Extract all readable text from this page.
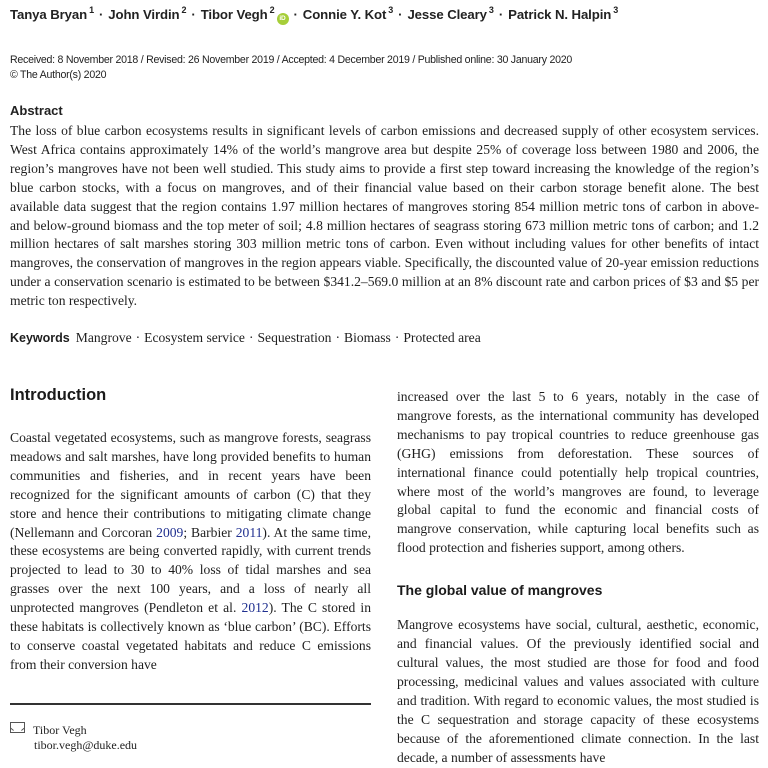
Tanya Bryan $^1$ · John Virdin $^2$ · Tibor Vegh $^2$iD · Connie Y. Kot $^3$ · Jesse Cleary $^3$ · Patrick N. Halpin $^3$
Received: 8 November 2018 / Revised: 26 November 2019 / Accepted: 4 December 2019 / Published online: 30 January 2020
© The Author(s) 2020
Abstract

The loss of blue carbon ecosystems results in significant levels of carbon emissions and decreased supply of other ecosystem services. West Africa contains approximately 14% of the world’s mangrove area but despite 25% of coverage loss between 1980 and 2006, the region’s mangroves have not been well studied. This study aims to provide a first step toward increasing the knowledge of the region’s blue carbon stocks, with a focus on mangroves, and of their financial value based on their carbon storage benefit alone. The best available data suggest that the region contains 1.97 million hectares of mangroves storing 854 million metric tons of carbon in above- and below-ground biomass and the top meter of soil; 4.8 million hectares of seagrass storing 673 million metric tons of carbon; and 1.2 million hectares of salt marshes storing 303 million metric tons of carbon. Even without including values for other benefits of intact mangroves, the conservation of mangroves in the region appears viable. Specifically, the discounted value of 20-year emission reductions under a conservation scenario is estimated to be between $341.2–569.0 million at an 8% discount rate and carbon prices of $3 and $5 per metric ton respectively.

Keywords Mangrove · Ecosystem service · Sequestration · Biomass · Protected area
Introduction

Coastal vegetated ecosystems, such as mangrove forests, seagrass meadows and salt marshes, have long provided benefits to human communities and fisheries, and in recent years have been recognized for the significant amounts of carbon (C) that they store and hence their contributions to mitigating climate change (Nellemann and Corcoran 2009; Barbier 2011). At the same time, these ecosystems are being converted rapidly, with current trends projected to lead to 30 to 40% loss of tidal marshes and sea grasses over the next 100 years, and a loss of nearly all unprotected mangroves (Pendleton et al. 2012). The C stored in these habitats is collectively known as ‘blue carbon’ (BC). Efforts to conserve coastal vegetated habitats and reduce C emissions from their conversion have

increased over the last 5 to 6 years, notably in the case of mangrove forests, as the international community has developed mechanisms to pay tropical countries to reduce greenhouse gas (GHG) emissions from deforestation. These sources of international finance could potentially help tropical countries, where most of the world’s mangroves are found, to leverage global capital to fund the economic and financial costs of mangrove conservation, while capturing local benefits such as flood protection and fisheries support, among others.

The global value of mangroves

Mangrove ecosystems have social, cultural, aesthetic, economic, and financial values. Of the previously identified social and cultural values, the most studied are those for food and food processing, medicinal values and values associated with culture and tradition. With regard to economic values, the most studied is the C sequestration and storage capacity of these ecosystems because of the aforementioned climate connection. In the last decade, a number of assessments have

Tibor Vegh
tibor.vegh@duke.edu
